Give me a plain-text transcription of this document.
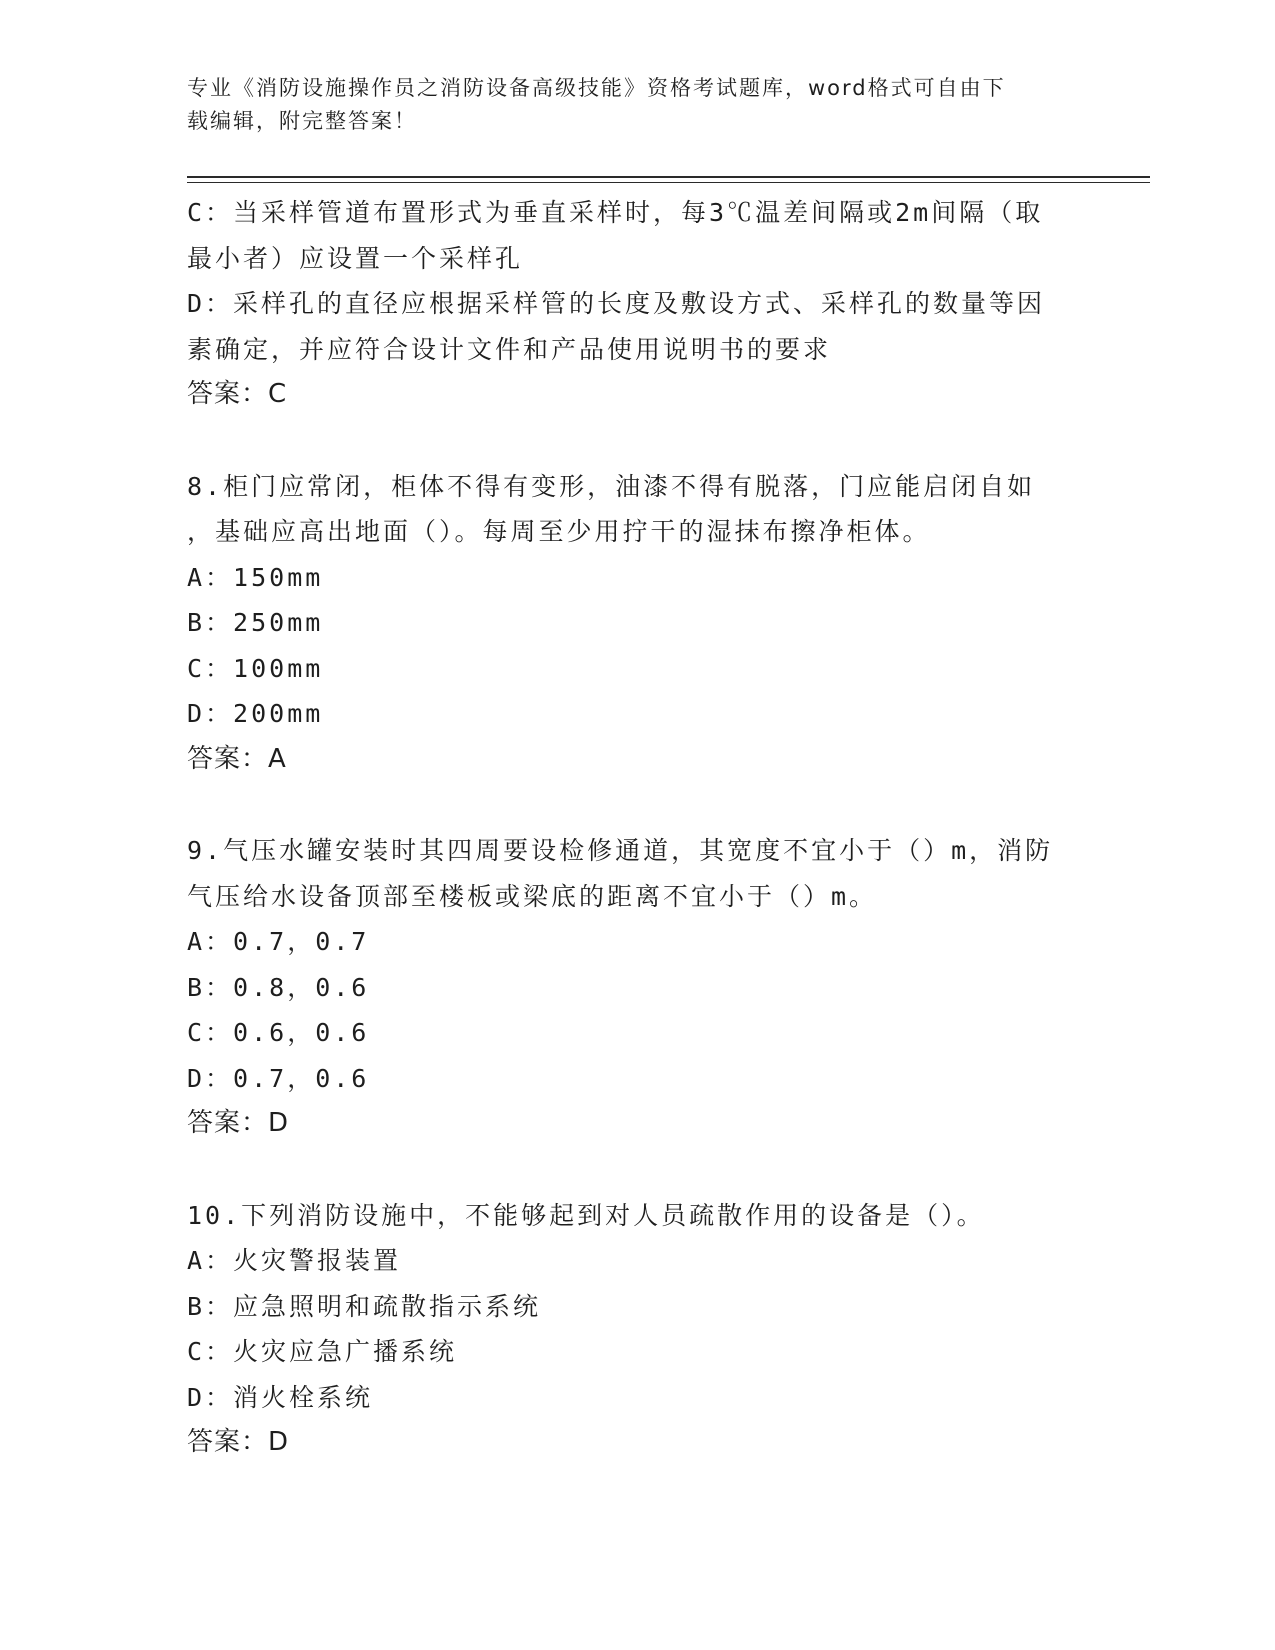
专业《消防设施操作员之消防设备高级技能》资格考试题库，word格式可自由下
载编辑，附完整答案！
C：当采样管道布置形式为垂直采样时，每3℃温差间隔或2m间隔（取
最小者）应设置一个采样孔
D：采样孔的直径应根据采样管的长度及敷设方式、采样孔的数量等因
素确定，并应符合设计文件和产品使用说明书的要求
答案：C
8.柜门应常闭，柜体不得有变形，油漆不得有脱落，门应能启闭自如
，基础应高出地面（）。每周至少用拧干的湿抹布擦净柜体。
A：150mm
B：250mm
C：100mm
D：200mm
答案：A
9.气压水罐安装时其四周要设检修通道，其宽度不宜小于（）m，消防
气压给水设备顶部至楼板或梁底的距离不宜小于（）m。
A：0.7，0.7
B：0.8，0.6
C：0.6，0.6
D：0.7，0.6
答案：D
10.下列消防设施中，不能够起到对人员疏散作用的设备是（）。
A：火灾警报装置
B：应急照明和疏散指示系统
C：火灾应急广播系统
D：消火栓系统
答案：D
